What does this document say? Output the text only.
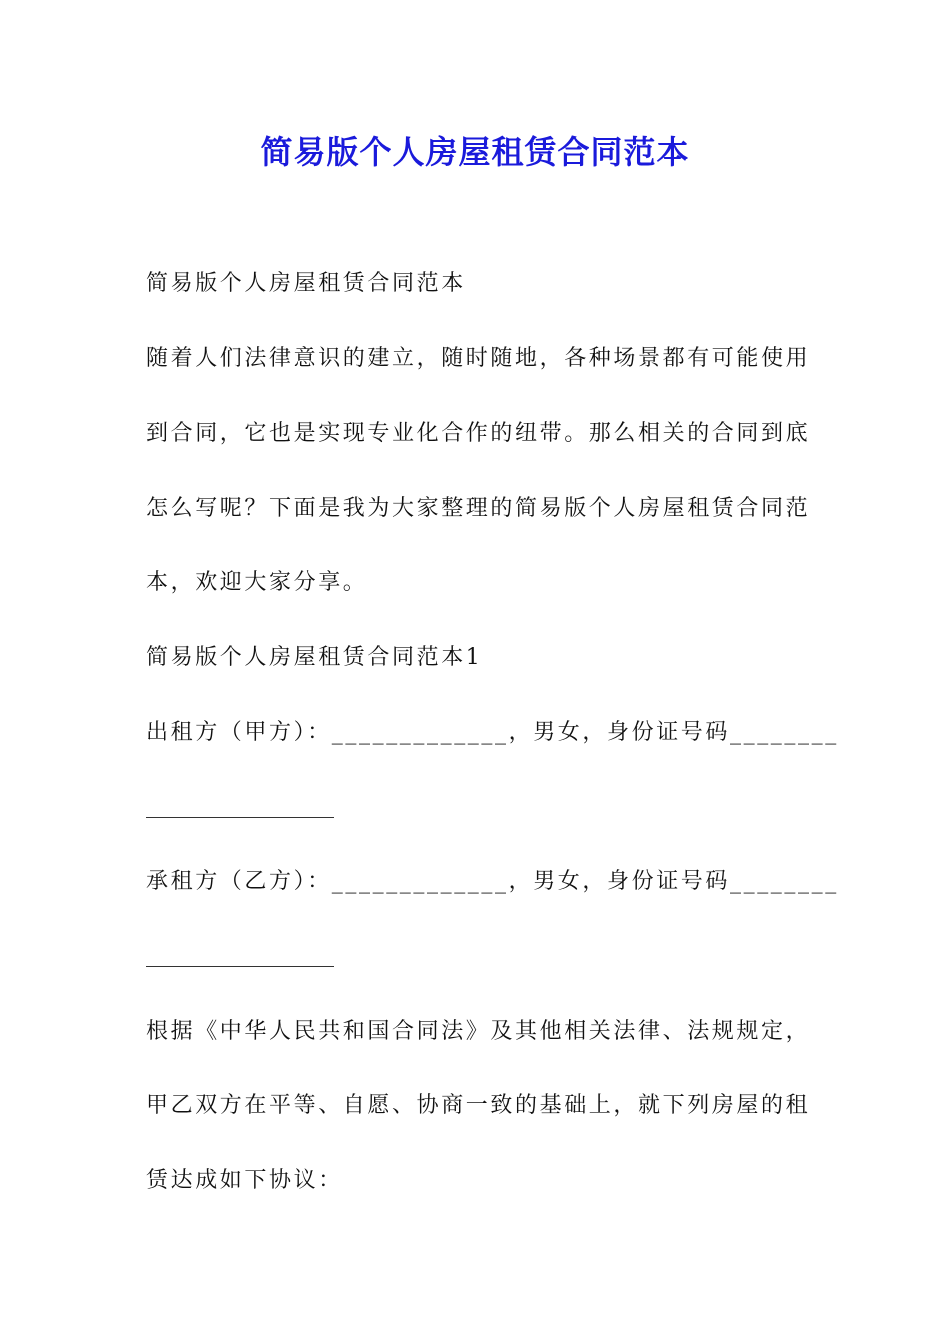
简易版个人房屋租赁合同范本
简易版个人房屋租赁合同范本
随着人们法律意识的建立，随时随地，各种场景都有可能使用
到合同，它也是实现专业化合作的纽带。那么相关的合同到底
怎么写呢？下面是我为大家整理的简易版个人房屋租赁合同范
本，欢迎大家分享。
简易版个人房屋租赁合同范本1
出租方（甲方）：_____________，男女，身份证号码________
承租方（乙方）：_____________，男女，身份证号码________
根据《中华人民共和国合同法》及其他相关法律、法规规定，
甲乙双方在平等、自愿、协商一致的基础上，就下列房屋的租
赁达成如下协议：
